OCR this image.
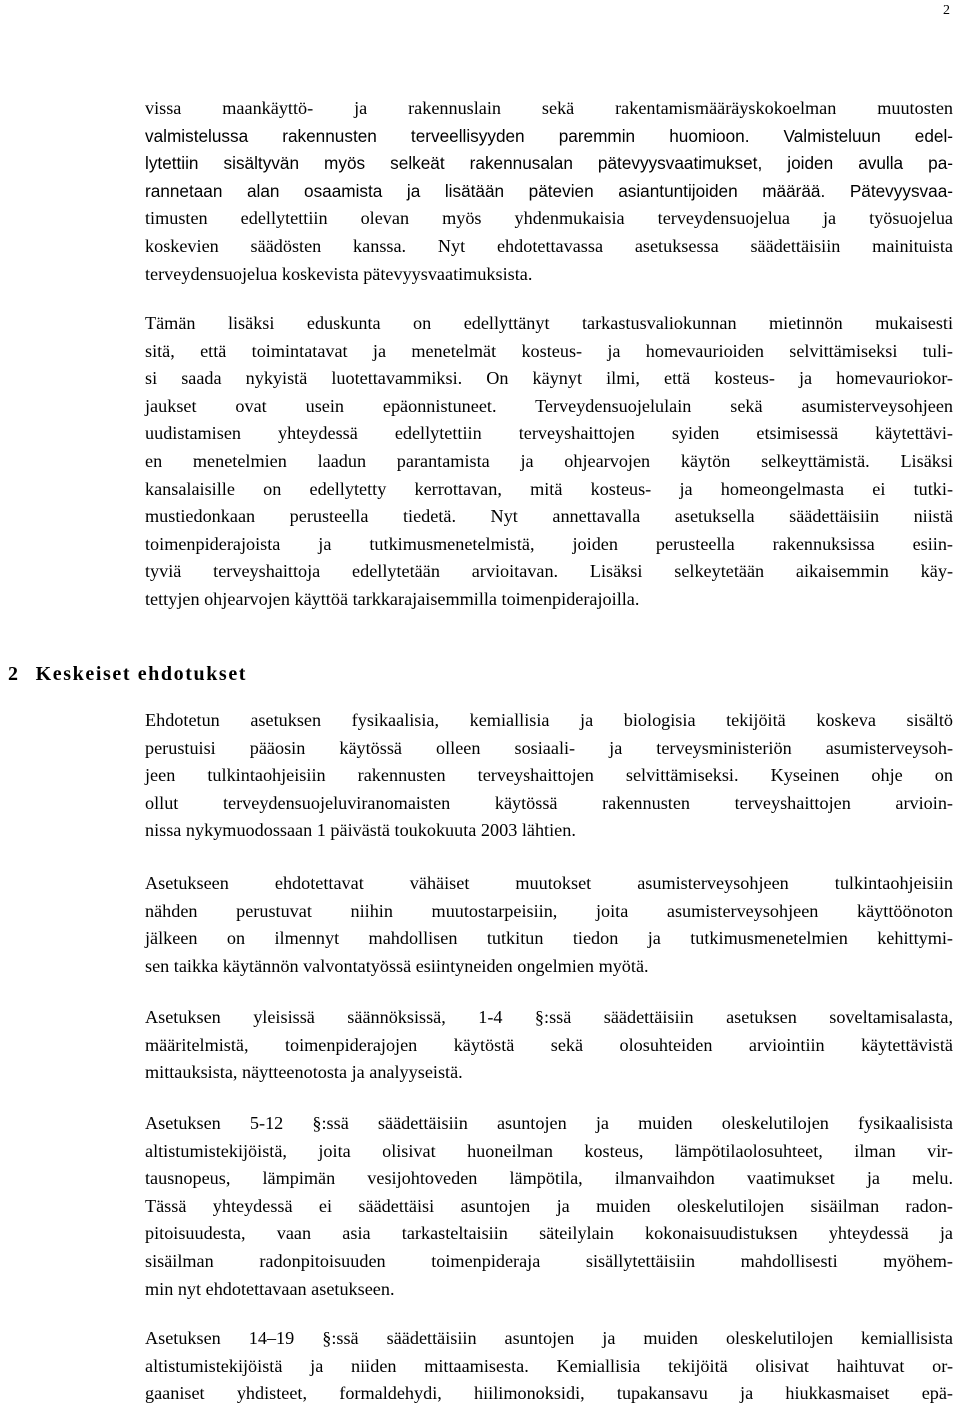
2
vissa maankäyttö- ja rakennuslain sekä rakentamismääräyskokoelman muutosten
valmistelussa rakennusten terveellisyyden paremmin huomioon. Valmisteluun edel-
lytettiin sisältyvän myös selkeät rakennusalan pätevyysvaatimukset, joiden avulla pa-
rannetaan alan osaamista ja lisätään pätevien asiantuntijoiden määrää. Pätevyysvaa-
timusten edellytettiin olevan myös yhdenmukaisia terveydensuojelua ja työsuojelua
koskevien säädösten kanssa. Nyt ehdotettavassa asetuksessa säädettäisiin mainituista
terveydensuojelua koskevista pätevyysvaatimuksista.
Tämän lisäksi eduskunta on edellyttänyt tarkastusvaliokunnan mietinnön mukaisesti
sitä, että toimintatavat ja menetelmät kosteus- ja homevaurioiden selvittämiseksi tuli-
si saada nykyistä luotettavammiksi. On käynyt ilmi, että kosteus- ja homevauriokor-
jaukset ovat usein epäonnistuneet. Terveydensuojelulain sekä asumisterveysohjeen
uudistamisen yhteydessä edellytettiin terveyshaittojen syiden etsimisessä käytettävi-
en menetelmien laadun parantamista ja ohjearvojen käytön selkeyttämistä. Lisäksi
kansalaisille on edellytetty kerrottavan, mitä kosteus- ja homeongelmasta ei tutki-
mustiedonkaan perusteella tiedetä. Nyt annettavalla asetuksella säädettäisiin niistä
toimenpiderajoista ja tutkimusmenetelmistä, joiden perusteella rakennuksissa esiin-
tyviä terveyshaittoja edellytetään arvioitavan. Lisäksi selkeytetään aikaisemmin käy-
tettyjen ohjearvojen käyttöä tarkkarajaisemmilla toimenpiderajoilla.
2 Keskeiset ehdotukset
Ehdotetun asetuksen fysikaalisia, kemiallisia ja biologisia tekijöitä koskeva sisältö
perustuisi pääosin käytössä olleen sosiaali- ja terveysministeriön asumisterveysoh-
jeen tulkintaohjeisiin rakennusten terveyshaittojen selvittämiseksi. Kyseinen ohje on
ollut terveydensuojeluviranomaisten käytössä rakennusten terveyshaittojen arvioin-
nissa nykymuodossaan 1 päivästä toukokuuta 2003 lähtien.
Asetukseen ehdotettavat vähäiset muutokset asumisterveysohjeen tulkintaohjeisiin
nähden perustuvat niihin muutostarpeisiin, joita asumisterveysohjeen käyttöönoton
jälkeen on ilmennyt mahdollisen tutkitun tiedon ja tutkimusmenetelmien kehittymi-
sen taikka käytännön valvontatyössä esiintyneiden ongelmien myötä.
Asetuksen yleisissä säännöksissä, 1-4 §:ssä säädettäisiin asetuksen soveltamisalasta,
määritelmistä, toimenpiderajojen käytöstä sekä olosuhteiden arviointiin käytettävistä
mittauksista, näytteenotosta ja analyyseistä.
Asetuksen 5-12 §:ssä säädettäisiin asuntojen ja muiden oleskelutilojen fysikaalisista
altistumistekijöistä, joita olisivat huoneilman kosteus, lämpötilaolosuhteet, ilman vir-
tausnopeus, lämpimän vesijohtoveden lämpötila, ilmanvaihdon vaatimukset ja melu.
Tässä yhteydessä ei säädettäisi asuntojen ja muiden oleskelutilojen sisäilman radon-
pitoisuudesta, vaan asia tarkasteltaisiin säteilylain kokonaisuudistuksen yhteydessä ja
sisäilman radonpitoisuuden toimenpideraja sisällytettäisiin mahdollisesti myöhem-
min nyt ehdotettavaan asetukseen.
Asetuksen 14–19 §:ssä säädettäisiin asuntojen ja muiden oleskelutilojen kemiallisista
altistumistekijöistä ja niiden mittaamisesta. Kemiallisia tekijöitä olisivat haihtuvat or-
gaaniset yhdisteet, formaldehydi, hiilimonoksidi, tupakansavu ja hiukkasmaiset epä-
